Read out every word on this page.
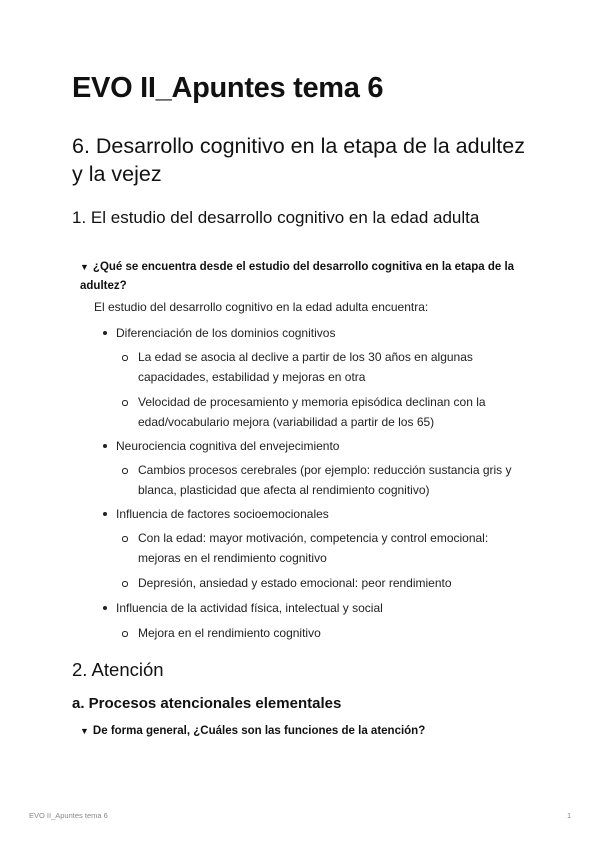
EVO II_Apuntes tema 6
6. Desarrollo cognitivo en la etapa de la adultez y la vejez
1. El estudio del desarrollo cognitivo en la edad adulta
▼ ¿Qué se encuentra desde el estudio del desarrollo cognitiva en la etapa de la adultez?
El estudio del desarrollo cognitivo en la edad adulta encuentra:
Diferenciación de los dominios cognitivos
La edad se asocia al declive a partir de los 30 años en algunas capacidades, estabilidad y mejoras en otra
Velocidad de procesamiento y memoria episódica declinan con la edad/vocabulario mejora (variabilidad a partir de los 65)
Neurociencia cognitiva del envejecimiento
Cambios procesos cerebrales (por ejemplo: reducción sustancia gris y blanca, plasticidad que afecta al rendimiento cognitivo)
Influencia de factores socioemocionales
Con la edad: mayor motivación, competencia y control emocional: mejoras en el rendimiento cognitivo
Depresión, ansiedad y estado emocional: peor rendimiento
Influencia de la actividad física, intelectual y social
Mejora en el rendimiento cognitivo
2. Atención
a. Procesos atencionales elementales
▼ De forma general, ¿Cuáles son las funciones de la atención?
EVO II_Apuntes tema 6	1
